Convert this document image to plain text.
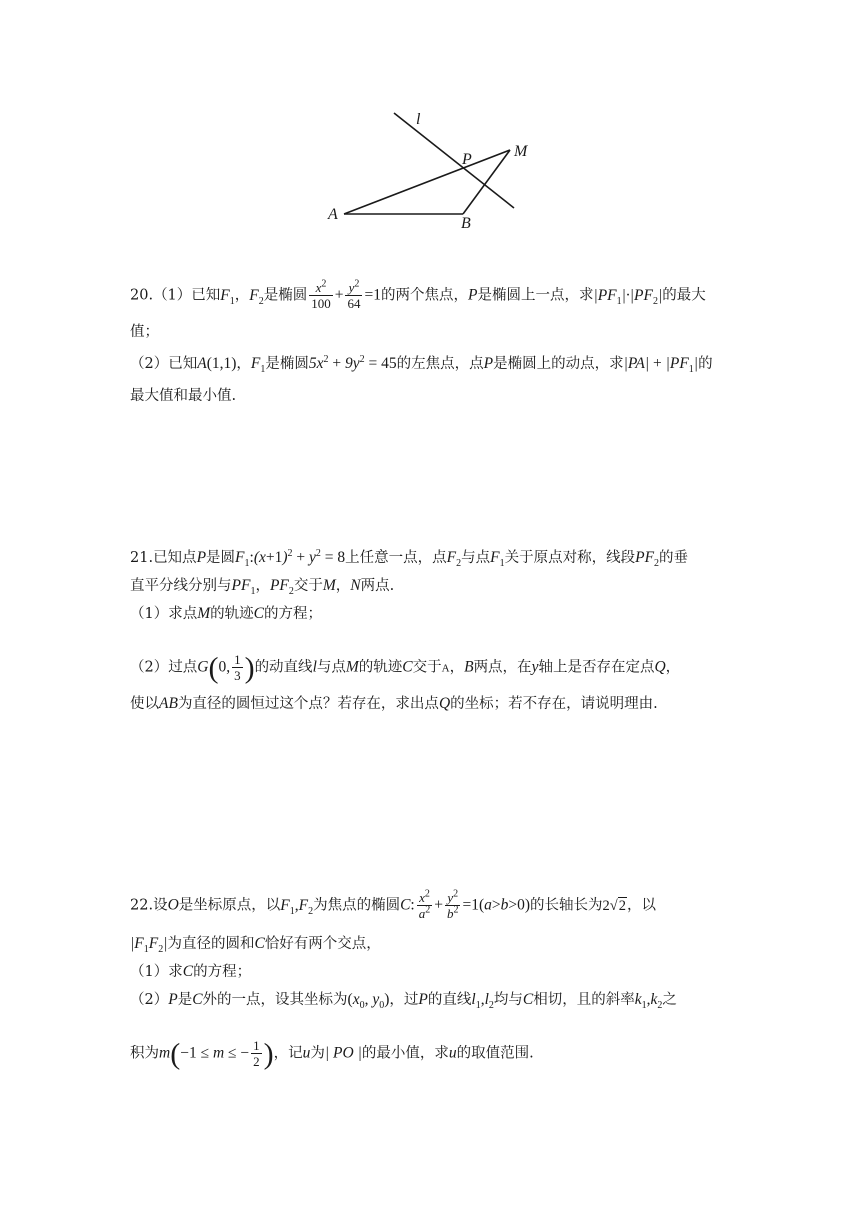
l
P	M
A
B
20.（1）已知$F_1$，$F_2$是椭圆 $\frac{x^2}{100} + \frac{y^2}{64} =1$的两个焦点，P是椭圆上一点，求$|PF_1|\cdot|PF_2|$的最大
值；
（2）已知A(1,1)，$F_1$是椭圆$5x^2 + 9y^2 = 45$的左焦点，点P是椭圆上的动点，求$|PA| + |PF_1|$的
最大值和最小值.
21.已知点P是圆$F_1:(x+1)^2 + y^2 = 8$上任意一点，点$F_2$与点$F_1$关于原点对称，线段$PF_2$的垂
直平分线分别与$PF_1$，$PF_2$交于M，N两点.
（1）求点M的轨迹C的方程；
（2）过点G(0, $\frac{1}{3}$ )的动直线l与点M的轨迹C交于A，B两点，在y轴上是否存在定点Q，
使以AB为直径的圆恒过这个点？若存在，求出点Q的坐标；若不存在，请说明理由.
22.设O是坐标原点，以$F_1,F_2$为焦点的椭圆C: $\frac{x^2}{a^2} + \frac{y^2}{b^2} =1(a>b>0)$的长轴长为2√2，以
$|F_1F_2|$为直径的圆和C恰好有两个交点，
（1）求C的方程；
（2）P是C外的一点，设其坐标为($x_0$, $y_0$)，过P的直线$l_1,l_2$均与C相切，且的斜率$k_1,k_2$之
积为m(−1 ≤ m ≤ − $\frac{1}{2}$ )，记u为| PO |的最小值，求u的取值范围.
